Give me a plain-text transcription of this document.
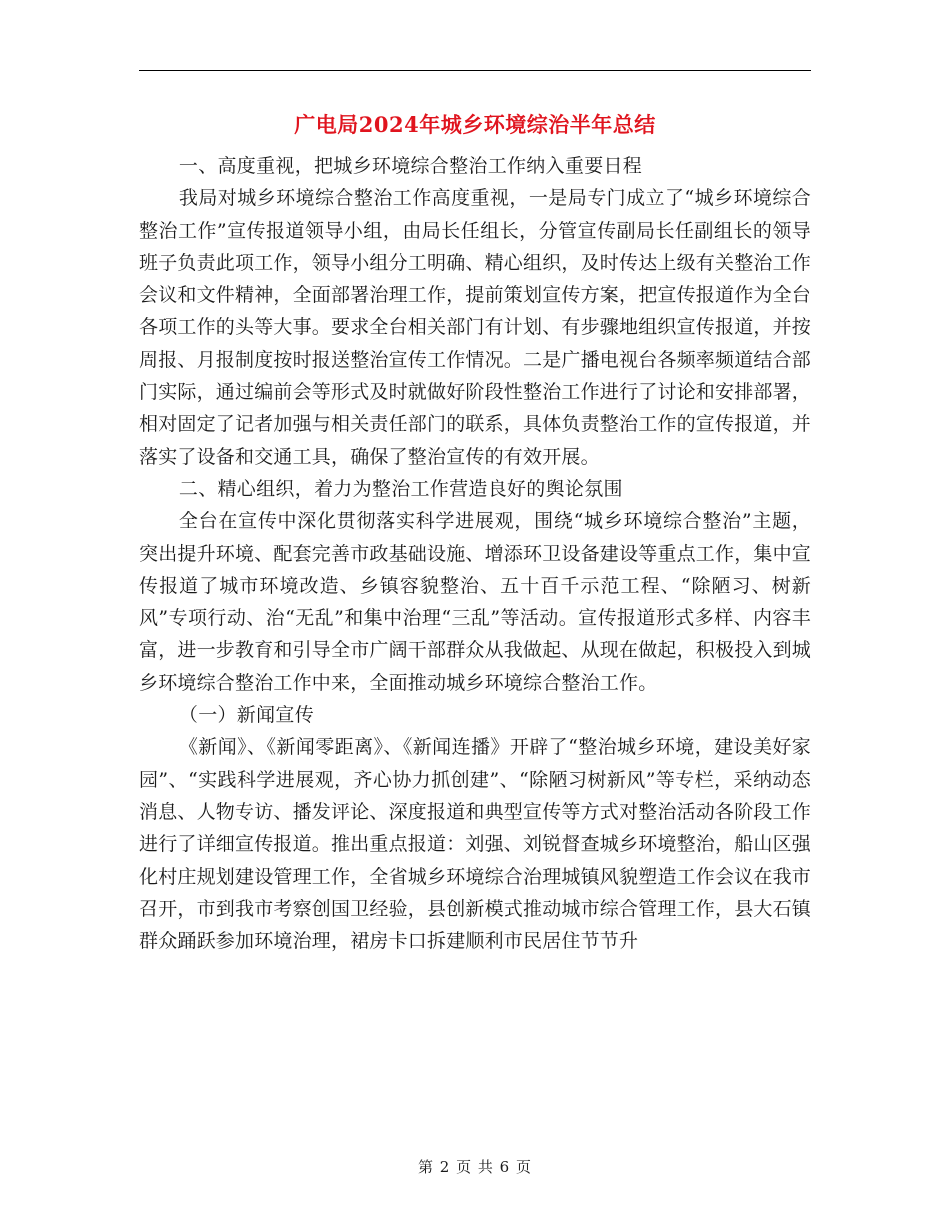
广电局2024年城乡环境综治半年总结

一、高度重视，把城乡环境综合整治工作纳入重要日程

我局对城乡环境综合整治工作高度重视，一是局专门成立了“城乡环境综合整治工作”宣传报道领导小组，由局长任组长，分管宣传副局长任副组长的领导班子负责此项工作，领导小组分工明确、精心组织，及时传达上级有关整治工作会议和文件精神，全面部署治理工作，提前策划宣传方案，把宣传报道作为全台各项工作的头等大事。要求全台相关部门有计划、有步骤地组织宣传报道，并按周报、月报制度按时报送整治宣传工作情况。二是广播电视台各频率频道结合部门实际，通过编前会等形式及时就做好阶段性整治工作进行了讨论和安排部署，相对固定了记者加强与相关责任部门的联系，具体负责整治工作的宣传报道，并落实了设备和交通工具，确保了整治宣传的有效开展。

二、精心组织，着力为整治工作营造良好的舆论氛围

全台在宣传中深化贯彻落实科学进展观，围绕“城乡环境综合整治”主题，突出提升环境、配套完善市政基础设施、增添环卫设备建设等重点工作，集中宣传报道了城市环境改造、乡镇容貌整治、五十百千示范工程、“除陋习、树新风”专项行动、治“无乱”和集中治理“三乱”等活动。宣传报道形式多样、内容丰富，进一步教育和引导全市广阔干部群众从我做起、从现在做起，积极投入到城乡环境综合整治工作中来，全面推动城乡环境综合整治工作。

（一）新闻宣传

《新闻》、《新闻零距离》、《新闻连播》开辟了“整治城乡环境，建设美好家园”、“实践科学进展观，齐心协力抓创建”、“除陋习树新风”等专栏，采纳动态消息、人物专访、播发评论、深度报道和典型宣传等方式对整治活动各阶段工作进行了详细宣传报道。推出重点报道：刘强、刘锐督查城乡环境整治，船山区强化村庄规划建设管理工作，全省城乡环境综合治理城镇风貌塑造工作会议在我市召开，市到我市考察创国卫经验，县创新模式推动城市综合管理工作，县大石镇群众踊跃参加环境治理，裙房卡口拆建顺利市民居住节节升

第 2 页 共 6 页
